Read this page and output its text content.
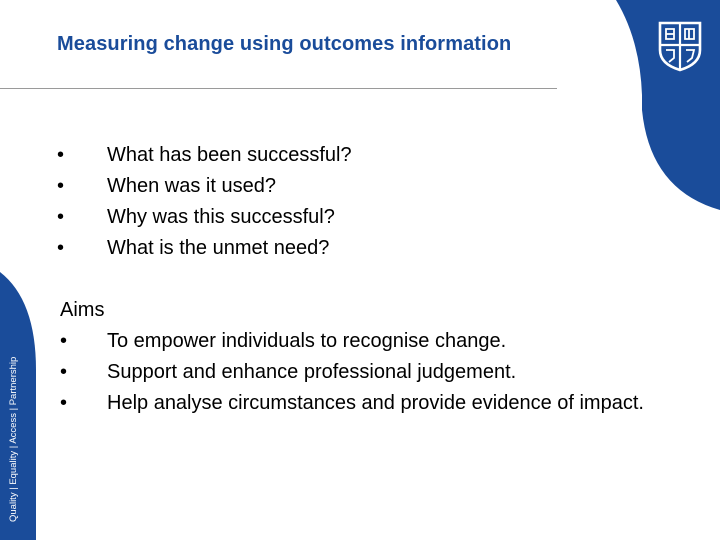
Quality | Equality | Access | Partnership
Measuring change using outcomes information
• What has been successful?
• When was it used?
• Why was this successful?
• What is the unmet need?
Aims
• To empower individuals to recognise change.
• Support and enhance professional judgement.
• Help analyse circumstances and provide evidence of impact.
